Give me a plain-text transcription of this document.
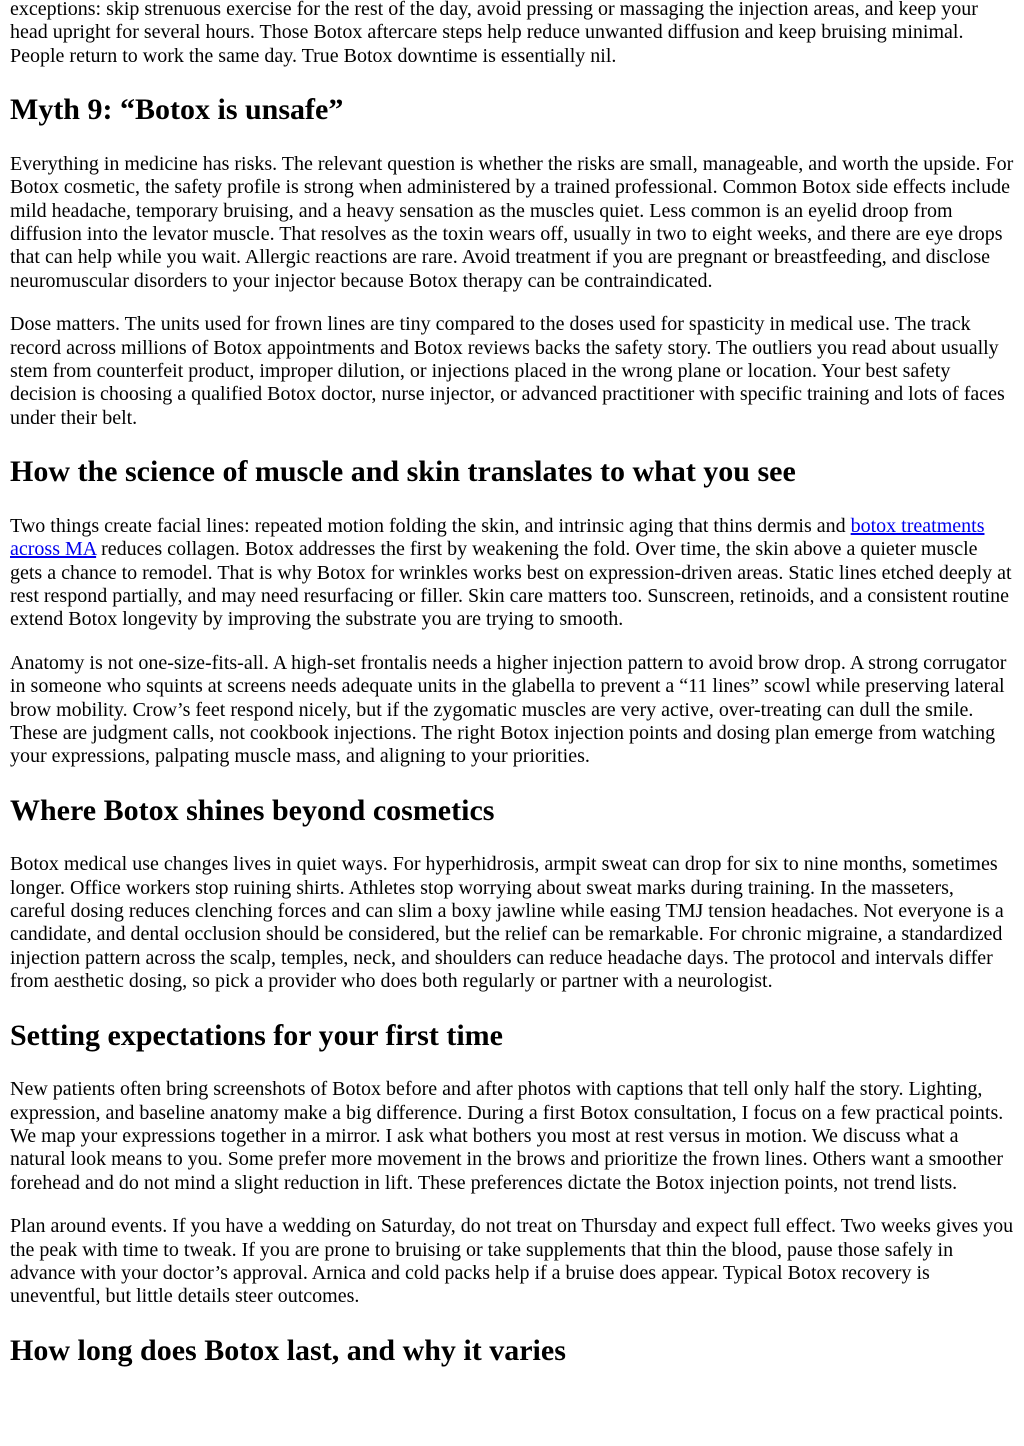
exceptions: skip strenuous exercise for the rest of the day, avoid pressing or massaging the injection areas, and keep your head upright for several hours. Those Botox aftercare steps help reduce unwanted diffusion and keep bruising minimal. People return to work the same day. True Botox downtime is essentially nil.

Myth 9: “Botox is unsafe”

Everything in medicine has risks. The relevant question is whether the risks are small, manageable, and worth the upside. For Botox cosmetic, the safety profile is strong when administered by a trained professional. Common Botox side effects include mild headache, temporary bruising, and a heavy sensation as the muscles quiet. Less common is an eyelid droop from diffusion into the levator muscle. That resolves as the toxin wears off, usually in two to eight weeks, and there are eye drops that can help while you wait. Allergic reactions are rare. Avoid treatment if you are pregnant or breastfeeding, and disclose neuromuscular disorders to your injector because Botox therapy can be contraindicated.

Dose matters. The units used for frown lines are tiny compared to the doses used for spasticity in medical use. The track record across millions of Botox appointments and Botox reviews backs the safety story. The outliers you read about usually stem from counterfeit product, improper dilution, or injections placed in the wrong plane or location. Your best safety decision is choosing a qualified Botox doctor, nurse injector, or advanced practitioner with specific training and lots of faces under their belt.

How the science of muscle and skin translates to what you see

Two things create facial lines: repeated motion folding the skin, and intrinsic aging that thins dermis and botox treatments across MA reduces collagen. Botox addresses the first by weakening the fold. Over time, the skin above a quieter muscle gets a chance to remodel. That is why Botox for wrinkles works best on expression-driven areas. Static lines etched deeply at rest respond partially, and may need resurfacing or filler. Skin care matters too. Sunscreen, retinoids, and a consistent routine extend Botox longevity by improving the substrate you are trying to smooth.

Anatomy is not one-size-fits-all. A high-set frontalis needs a higher injection pattern to avoid brow drop. A strong corrugator in someone who squints at screens needs adequate units in the glabella to prevent a “11 lines” scowl while preserving lateral brow mobility. Crow’s feet respond nicely, but if the zygomatic muscles are very active, over-treating can dull the smile. These are judgment calls, not cookbook injections. The right Botox injection points and dosing plan emerge from watching your expressions, palpating muscle mass, and aligning to your priorities.

Where Botox shines beyond cosmetics

Botox medical use changes lives in quiet ways. For hyperhidrosis, armpit sweat can drop for six to nine months, sometimes longer. Office workers stop ruining shirts. Athletes stop worrying about sweat marks during training. In the masseters, careful dosing reduces clenching forces and can slim a boxy jawline while easing TMJ tension headaches. Not everyone is a candidate, and dental occlusion should be considered, but the relief can be remarkable. For chronic migraine, a standardized injection pattern across the scalp, temples, neck, and shoulders can reduce headache days. The protocol and intervals differ from aesthetic dosing, so pick a provider who does both regularly or partner with a neurologist.

Setting expectations for your first time

New patients often bring screenshots of Botox before and after photos with captions that tell only half the story. Lighting, expression, and baseline anatomy make a big difference. During a first Botox consultation, I focus on a few practical points. We map your expressions together in a mirror. I ask what bothers you most at rest versus in motion. We discuss what a natural look means to you. Some prefer more movement in the brows and prioritize the frown lines. Others want a smoother forehead and do not mind a slight reduction in lift. These preferences dictate the Botox injection points, not trend lists.

Plan around events. If you have a wedding on Saturday, do not treat on Thursday and expect full effect. Two weeks gives you the peak with time to tweak. If you are prone to bruising or take supplements that thin the blood, pause those safely in advance with your doctor’s approval. Arnica and cold packs help if a bruise does appear. Typical Botox recovery is uneventful, but little details steer outcomes.

How long does Botox last, and why it varies
